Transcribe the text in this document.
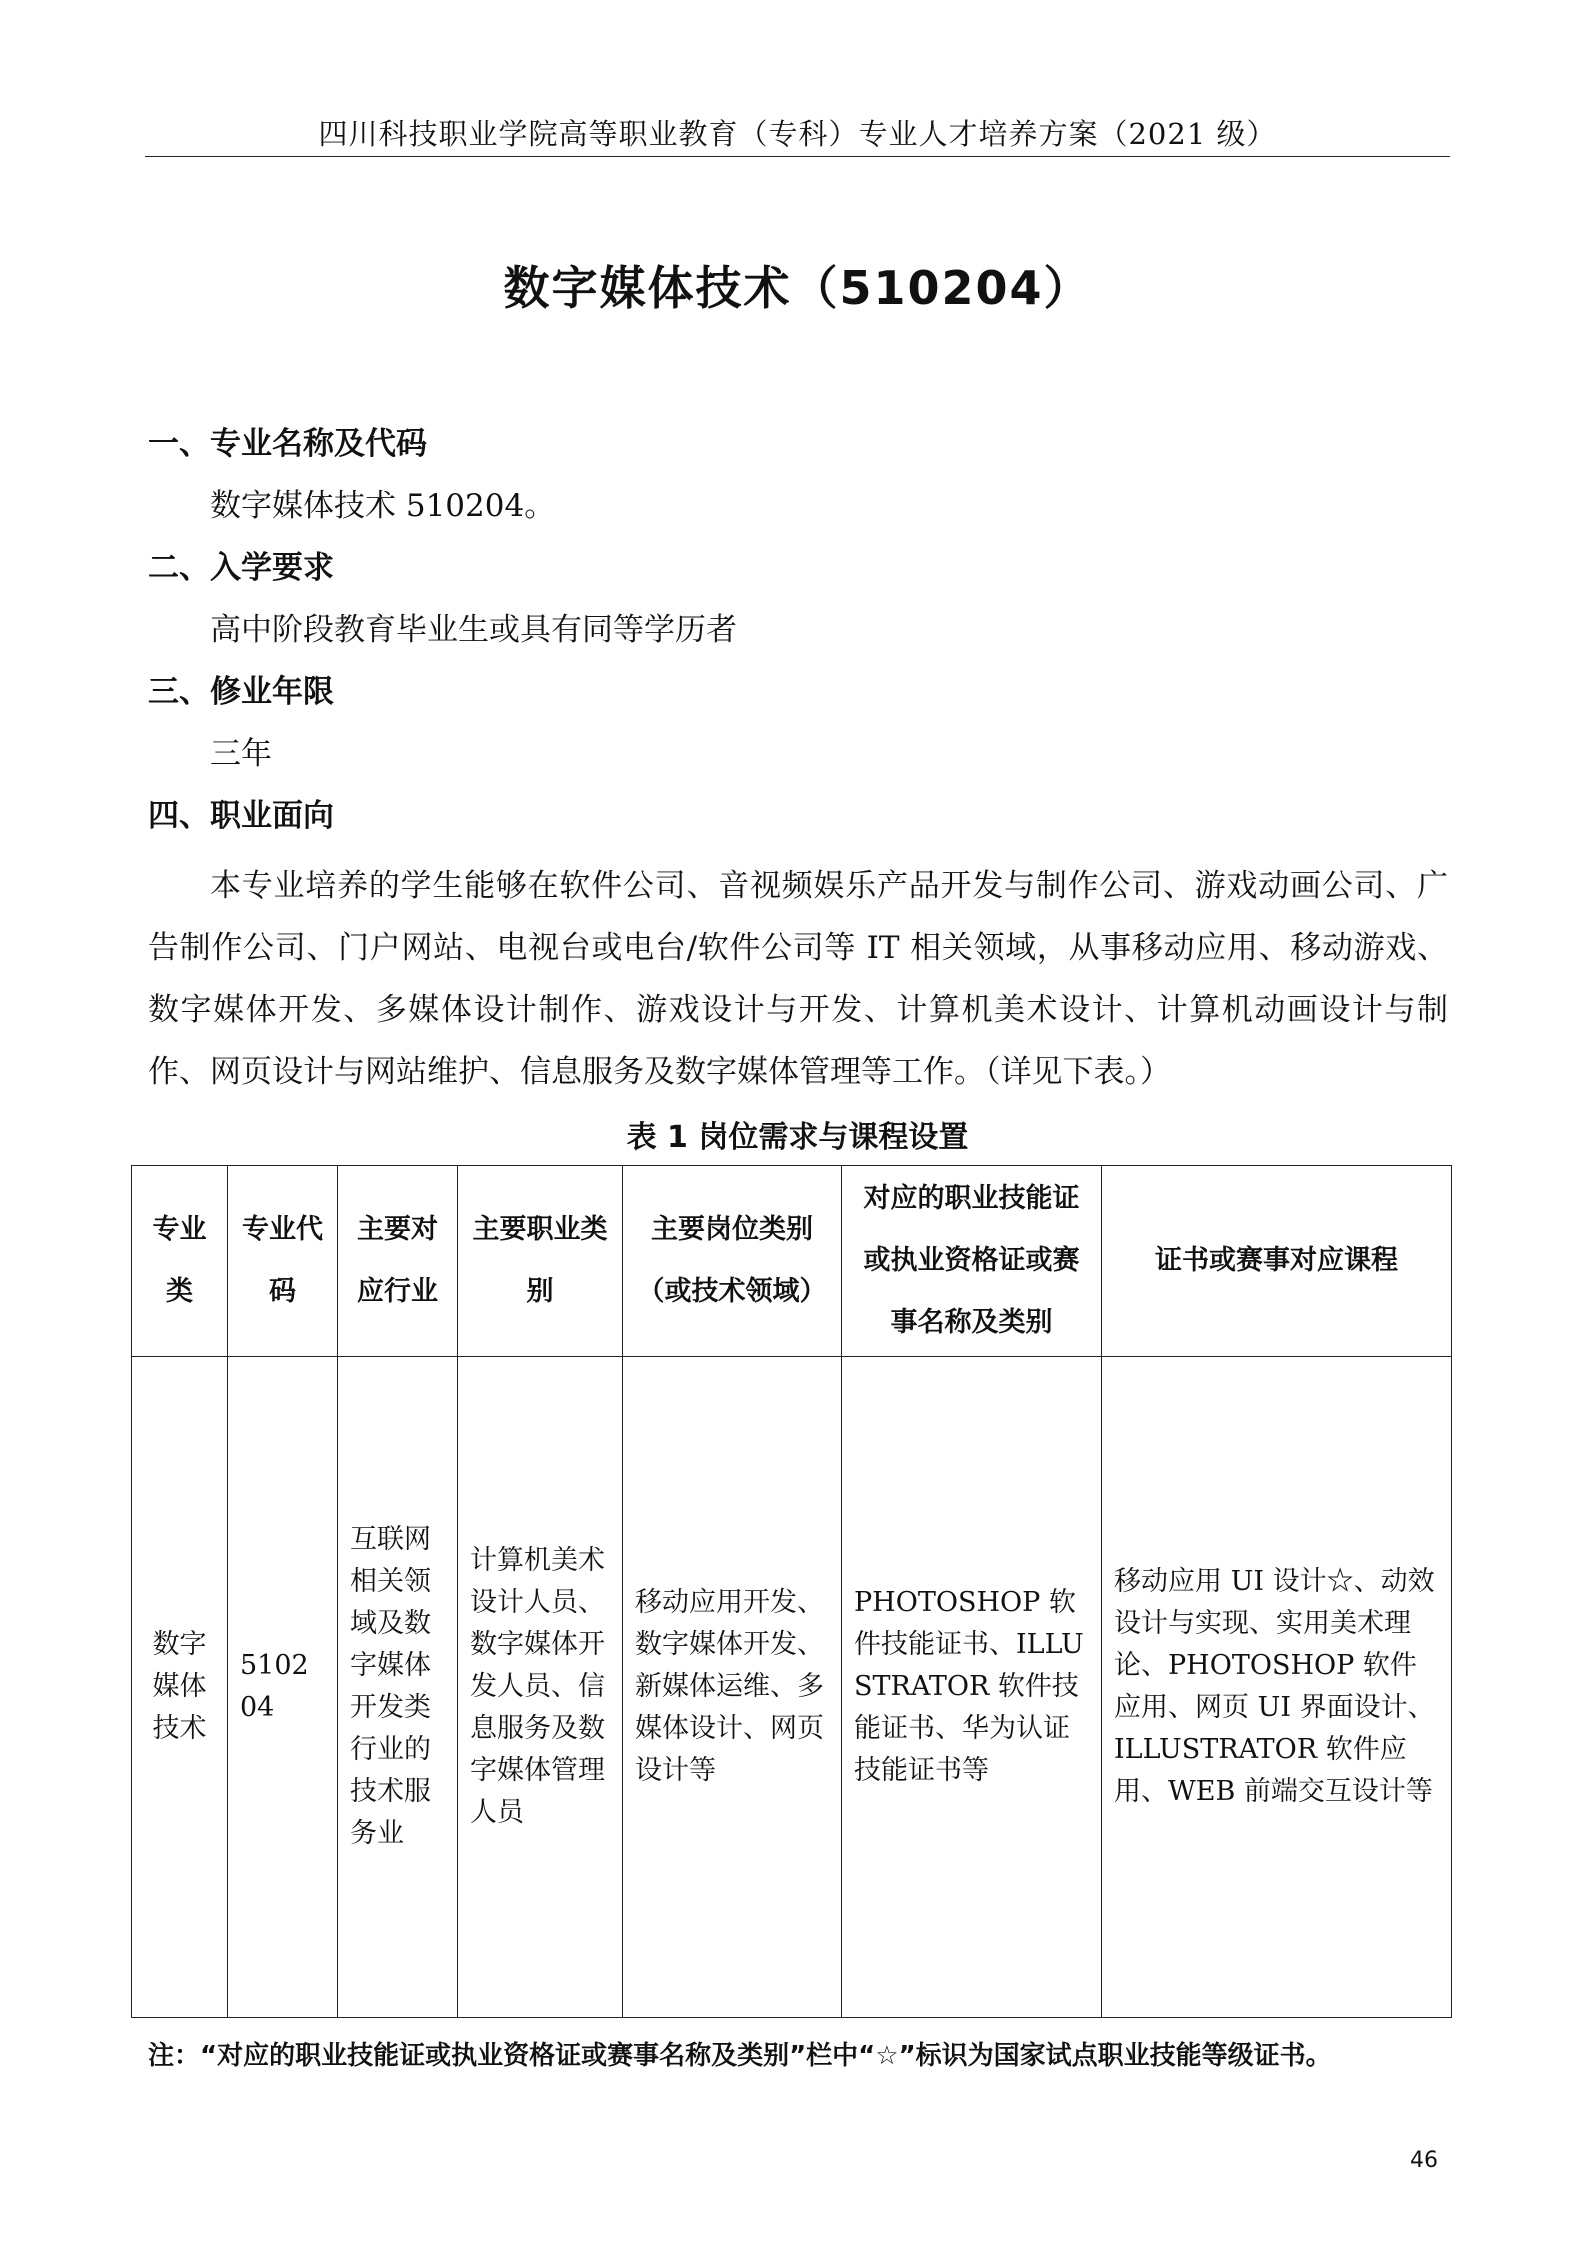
四川科技职业学院高等职业教育（专科）专业人才培养方案（2021 级）
数字媒体技术（510204）
一、专业名称及代码
数字媒体技术 510204。
二、入学要求
高中阶段教育毕业生或具有同等学历者
三、修业年限
三年
四、职业面向
本专业培养的学生能够在软件公司、音视频娱乐产品开发与制作公司、游戏动画公司、广告制作公司、门户网站、电视台或电台/软件公司等 IT 相关领域，从事移动应用、移动游戏、数字媒体开发、多媒体设计制作、游戏设计与开发、计算机美术设计、计算机动画设计与制作、网页设计与网站维护、信息服务及数字媒体管理等工作。（详见下表。）
表 1 岗位需求与课程设置
专业类	专业代码	主要对应行业	主要职业类别	主要岗位类别（或技术领域）	对应的职业技能证或执业资格证或赛事名称及类别	证书或赛事对应课程

数字媒体技术	510204	互联网相关领域及数字媒体开发类行业的技术服务业	计算机美术设计人员、数字媒体开发人员、信息服务及数字媒体管理人员	移动应用开发、数字媒体开发、新媒体运维、多媒体设计、网页设计等	PHOTOSHOP 软件技能证书、ILLUSTRATOR 软件技能证书、华为认证技能证书等	移动应用 UI 设计☆、动效设计与实现、实用美术理论、PHOTOSHOP 软件应用、网页 UI 界面设计、ILLUSTRATOR 软件应用、WEB 前端交互设计等
注：“对应的职业技能证或执业资格证或赛事名称及类别”栏中“☆”标识为国家试点职业技能等级证书。
46
